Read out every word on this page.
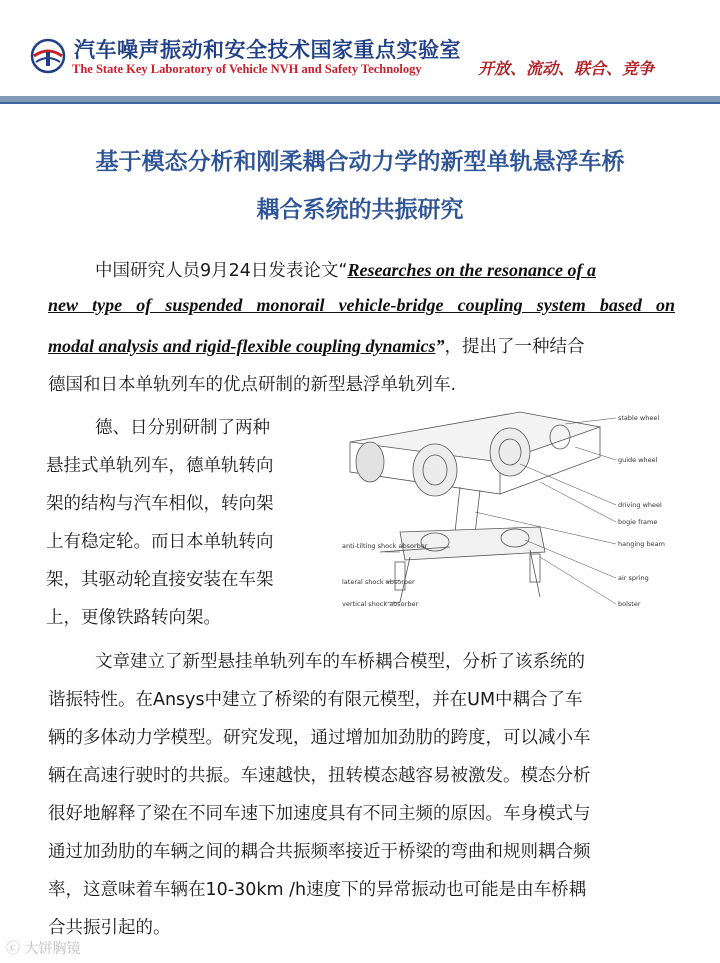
汽车噪声振动和安全技术国家重点实验室
The State Key Laboratory of Vehicle NVH and Safety Technology	开放、流动、联合、竞争
基于模态分析和刚柔耦合动力学的新型单轨悬浮车桥
耦合系统的共振研究
中国研究人员9月24日发表论文“ Researches on the resonance of a
new type of suspended monorail vehicle-bridge coupling system based on
modal analysis and rigid-flexible coupling dynamics ” ，提出了一种结合
德国和日本单轨列车的优点研制的新型悬浮单轨列车.
德、日分别研制了两种
悬挂式单轨列车，德单轨转向
架的结构与汽车相似，转向架
上有稳定轮。而日本单轨转向
架，其驱动轮直接安装在车架
上，更像铁路转向架。
stable wheel
guide wheel
driving wheel
bogie frame
hanging beam
air spring
bolster
anti-tilting shock absorber
lateral shock absorber
vertical shock absorber
文章建立了新型悬挂单轨列车的车桥耦合模型，分析了该系统的
谐振特性。在Ansys中建立了桥梁的有限元模型，并在UM中耦合了车
辆的多体动力学模型。研究发现，通过增加加劲肋的跨度，可以减小车
辆在高速行驶时的共振。车速越快，扭转模态越容易被激发。模态分析
很好地解释了梁在不同车速下加速度具有不同主频的原因。车身模式与
通过加劲肋的车辆之间的耦合共振频率接近于桥梁的弯曲和规则耦合频
率，这意味着车辆在10-30km /h速度下的异常振动也可能是由车桥耦
合共振引起的。
ⓒ 大饼胸镜
